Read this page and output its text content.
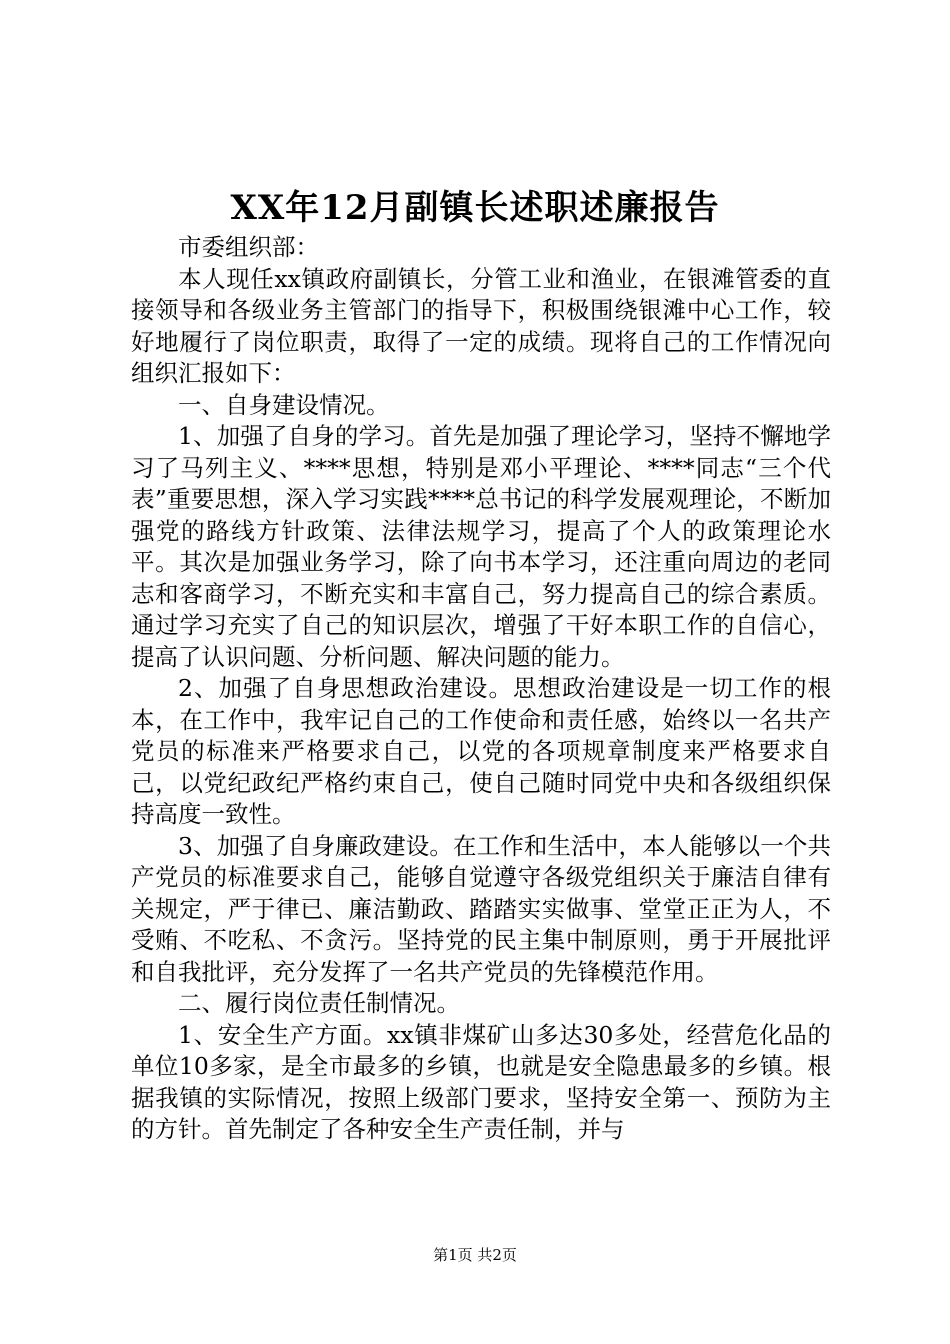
XX年12月副镇长述职述廉报告

市委组织部：

本人现任xx镇政府副镇长，分管工业和渔业，在银滩管委的直接领导和各级业务主管部门的指导下，积极围绕银滩中心工作，较好地履行了岗位职责，取得了一定的成绩。现将自己的工作情况向组织汇报如下：

一、自身建设情况。

1、加强了自身的学习。首先是加强了理论学习，坚持不懈地学习了马列主义、****思想，特别是邓小平理论、****同志“三个代表”重要思想，深入学习实践****总书记的科学发展观理论，不断加强党的路线方针政策、法律法规学习，提高了个人的政策理论水平。其次是加强业务学习，除了向书本学习，还注重向周边的老同志和客商学习，不断充实和丰富自己，努力提高自己的综合素质。通过学习充实了自己的知识层次，增强了干好本职工作的自信心，提高了认识问题、分析问题、解决问题的能力。

2、加强了自身思想政治建设。思想政治建设是一切工作的根本，在工作中，我牢记自己的工作使命和责任感，始终以一名共产党员的标准来严格要求自己，以党的各项规章制度来严格要求自己，以党纪政纪严格约束自己，使自己随时同党中央和各级组织保持高度一致性。

3、加强了自身廉政建设。在工作和生活中，本人能够以一个共产党员的标准要求自己，能够自觉遵守各级党组织关于廉洁自律有关规定，严于律已、廉洁勤政、踏踏实实做事、堂堂正正为人，不受贿、不吃私、不贪污。坚持党的民主集中制原则，勇于开展批评和自我批评，充分发挥了一名共产党员的先锋模范作用。

二、履行岗位责任制情况。

1、安全生产方面。xx镇非煤矿山多达30多处，经营危化品的单位10多家，是全市最多的乡镇，也就是安全隐患最多的乡镇。根据我镇的实际情况，按照上级部门要求，坚持安全第一、预防为主的方针。首先制定了各种安全生产责任制，并与

第1页 共2页
